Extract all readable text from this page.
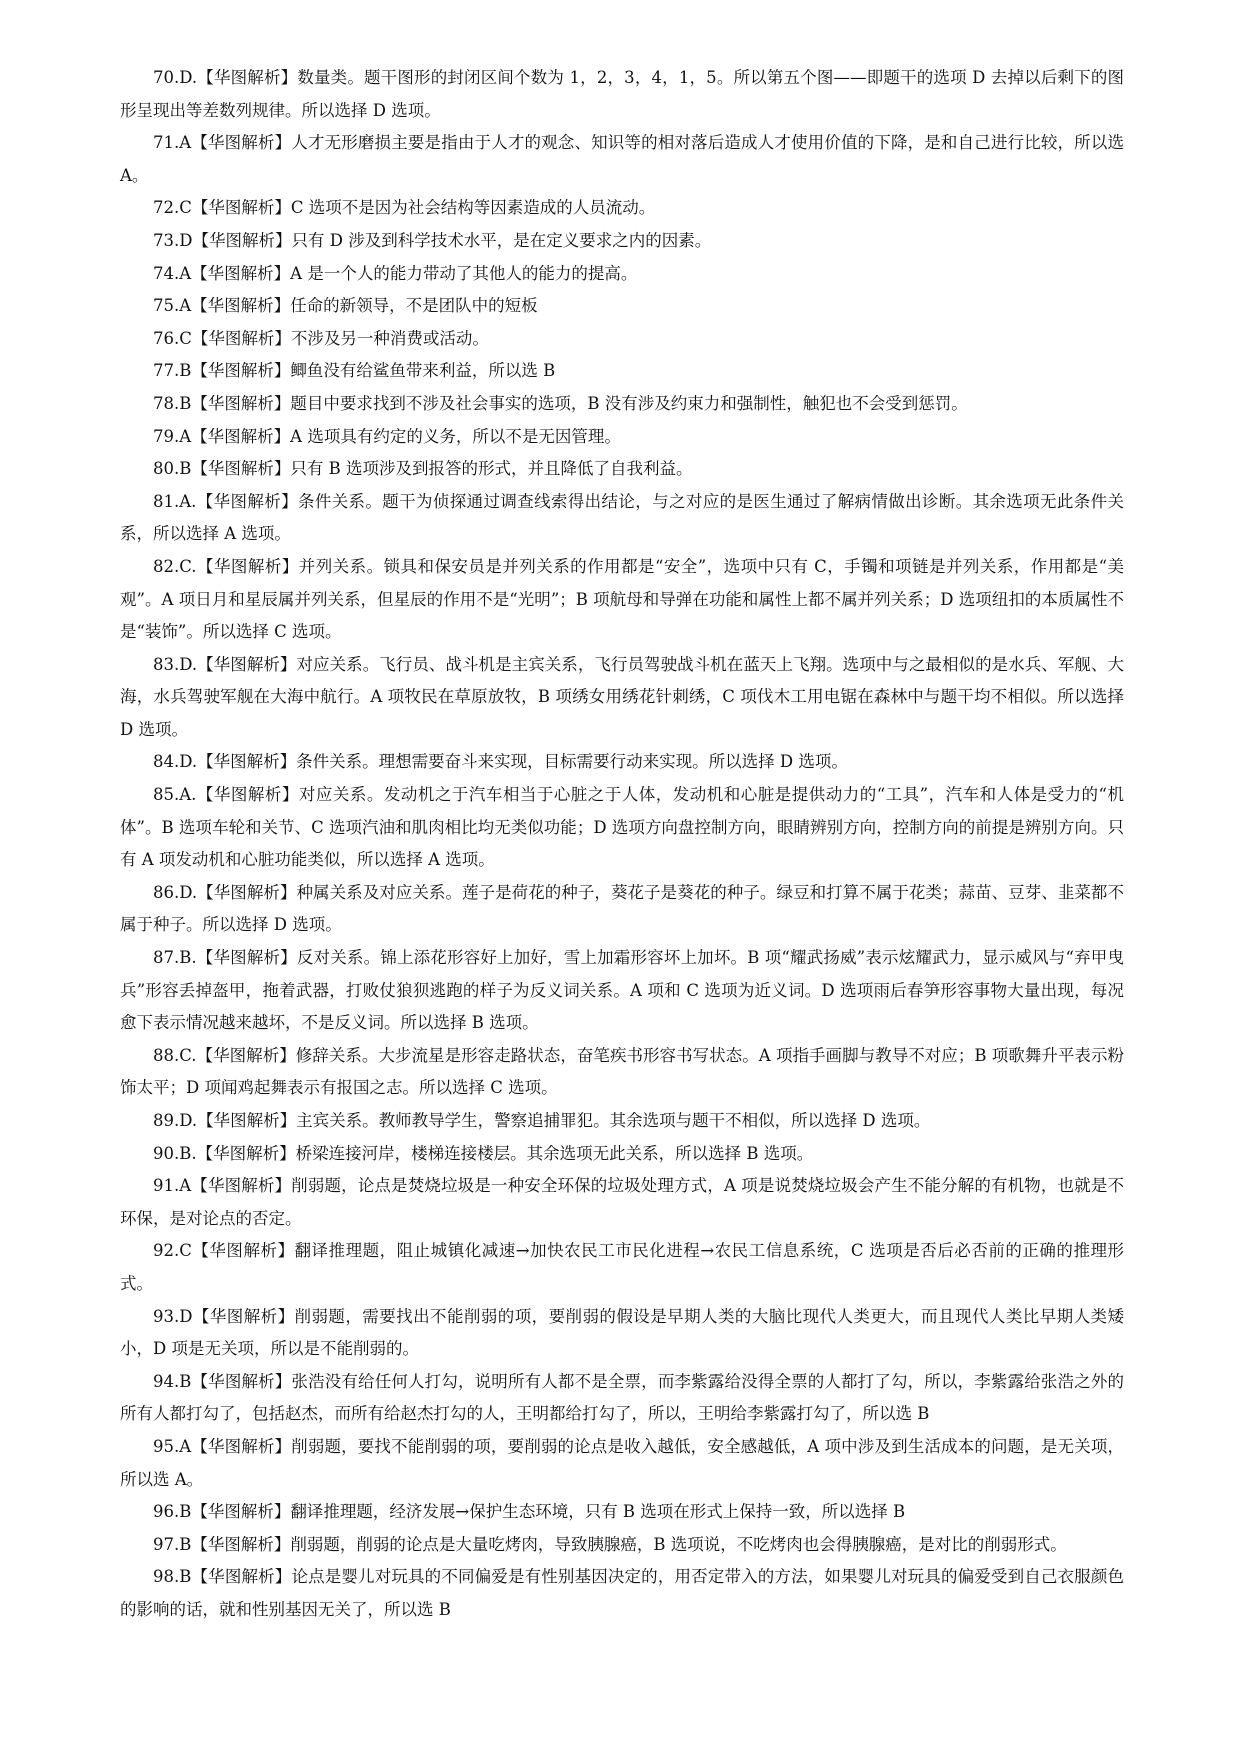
70.D.【华图解析】数量类。题干图形的封闭区间个数为 1，2，3，4，1，5。所以第五个图——即题干的选项 D 去掉以后剩下的图形呈现出等差数列规律。所以选择 D 选项。

71.A【华图解析】人才无形磨损主要是指由于人才的观念、知识等的相对落后造成人才使用价值的下降，是和自己进行比较，所以选 A。

72.C【华图解析】C 选项不是因为社会结构等因素造成的人员流动。

73.D【华图解析】只有 D 涉及到科学技术水平，是在定义要求之内的因素。

74.A【华图解析】A 是一个人的能力带动了其他人的能力的提高。

75.A【华图解析】任命的新领导，不是团队中的短板

76.C【华图解析】不涉及另一种消费或活动。

77.B【华图解析】鲫鱼没有给鲨鱼带来利益，所以选 B

78.B【华图解析】题目中要求找到不涉及社会事实的选项，B 没有涉及约束力和强制性，触犯也不会受到惩罚。

79.A【华图解析】A 选项具有约定的义务，所以不是无因管理。

80.B【华图解析】只有 B 选项涉及到报答的形式，并且降低了自我利益。

81.A.【华图解析】条件关系。题干为侦探通过调查线索得出结论，与之对应的是医生通过了解病情做出诊断。其余选项无此条件关系，所以选择 A 选项。

82.C.【华图解析】并列关系。锁具和保安员是并列关系的作用都是“安全”，选项中只有 C，手镯和项链是并列关系，作用都是“美观”。A 项日月和星辰属并列关系，但星辰的作用不是“光明”；B 项航母和导弹在功能和属性上都不属并列关系；D 选项纽扣的本质属性不是“装饰”。所以选择 C 选项。

83.D.【华图解析】对应关系。飞行员、战斗机是主宾关系，飞行员驾驶战斗机在蓝天上飞翔。选项中与之最相似的是水兵、军舰、大海，水兵驾驶军舰在大海中航行。A 项牧民在草原放牧，B 项绣女用绣花针刺绣，C 项伐木工用电锯在森林中与题干均不相似。所以选择 D 选项。

84.D.【华图解析】条件关系。理想需要奋斗来实现，目标需要行动来实现。所以选择 D 选项。

85.A.【华图解析】对应关系。发动机之于汽车相当于心脏之于人体，发动机和心脏是提供动力的“工具”，汽车和人体是受力的“机体”。B 选项车轮和关节、C 选项汽油和肌肉相比均无类似功能；D 选项方向盘控制方向，眼睛辨别方向，控制方向的前提是辨别方向。只有 A 项发动机和心脏功能类似，所以选择 A 选项。

86.D.【华图解析】种属关系及对应关系。莲子是荷花的种子，葵花子是葵花的种子。绿豆和打算不属于花类；蒜苗、豆芽、韭菜都不属于种子。所以选择 D 选项。

87.B.【华图解析】反对关系。锦上添花形容好上加好，雪上加霜形容坏上加坏。B 项“耀武扬威”表示炫耀武力，显示威风与“弃甲曳兵”形容丢掉盔甲，拖着武器，打败仗狼狈逃跑的样子为反义词关系。A 项和 C 选项为近义词。D 选项雨后春笋形容事物大量出现，每况愈下表示情况越来越坏，不是反义词。所以选择 B 选项。

88.C.【华图解析】修辞关系。大步流星是形容走路状态，奋笔疾书形容书写状态。A 项指手画脚与教导不对应；B 项歌舞升平表示粉饰太平；D 项闻鸡起舞表示有报国之志。所以选择 C 选项。

89.D.【华图解析】主宾关系。教师教导学生，警察追捕罪犯。其余选项与题干不相似，所以选择 D 选项。

90.B.【华图解析】桥梁连接河岸，楼梯连接楼层。其余选项无此关系，所以选择 B 选项。

91.A【华图解析】削弱题，论点是焚烧垃圾是一种安全环保的垃圾处理方式，A 项是说焚烧垃圾会产生不能分解的有机物，也就是不环保，是对论点的否定。

92.C【华图解析】翻译推理题，阻止城镇化减速→加快农民工市民化进程→农民工信息系统，C 选项是否后必否前的正确的推理形式。

93.D【华图解析】削弱题，需要找出不能削弱的项，要削弱的假设是早期人类的大脑比现代人类更大，而且现代人类比早期人类矮小，D 项是无关项，所以是不能削弱的。

94.B【华图解析】张浩没有给任何人打勾，说明所有人都不是全票，而李紫露给没得全票的人都打了勾，所以，李紫露给张浩之外的所有人都打勾了，包括赵杰，而所有给赵杰打勾的人，王明都给打勾了，所以，王明给李紫露打勾了，所以选 B

95.A【华图解析】削弱题，要找不能削弱的项，要削弱的论点是收入越低，安全感越低，A 项中涉及到生活成本的问题，是无关项，所以选 A。

96.B【华图解析】翻译推理题，经济发展→保护生态环境，只有 B 选项在形式上保持一致，所以选择 B

97.B【华图解析】削弱题，削弱的论点是大量吃烤肉，导致胰腺癌，B 选项说，不吃烤肉也会得胰腺癌，是对比的削弱形式。

98.B【华图解析】论点是婴儿对玩具的不同偏爱是有性别基因决定的，用否定带入的方法，如果婴儿对玩具的偏爱受到自己衣服颜色的影响的话，就和性别基因无关了，所以选 B
